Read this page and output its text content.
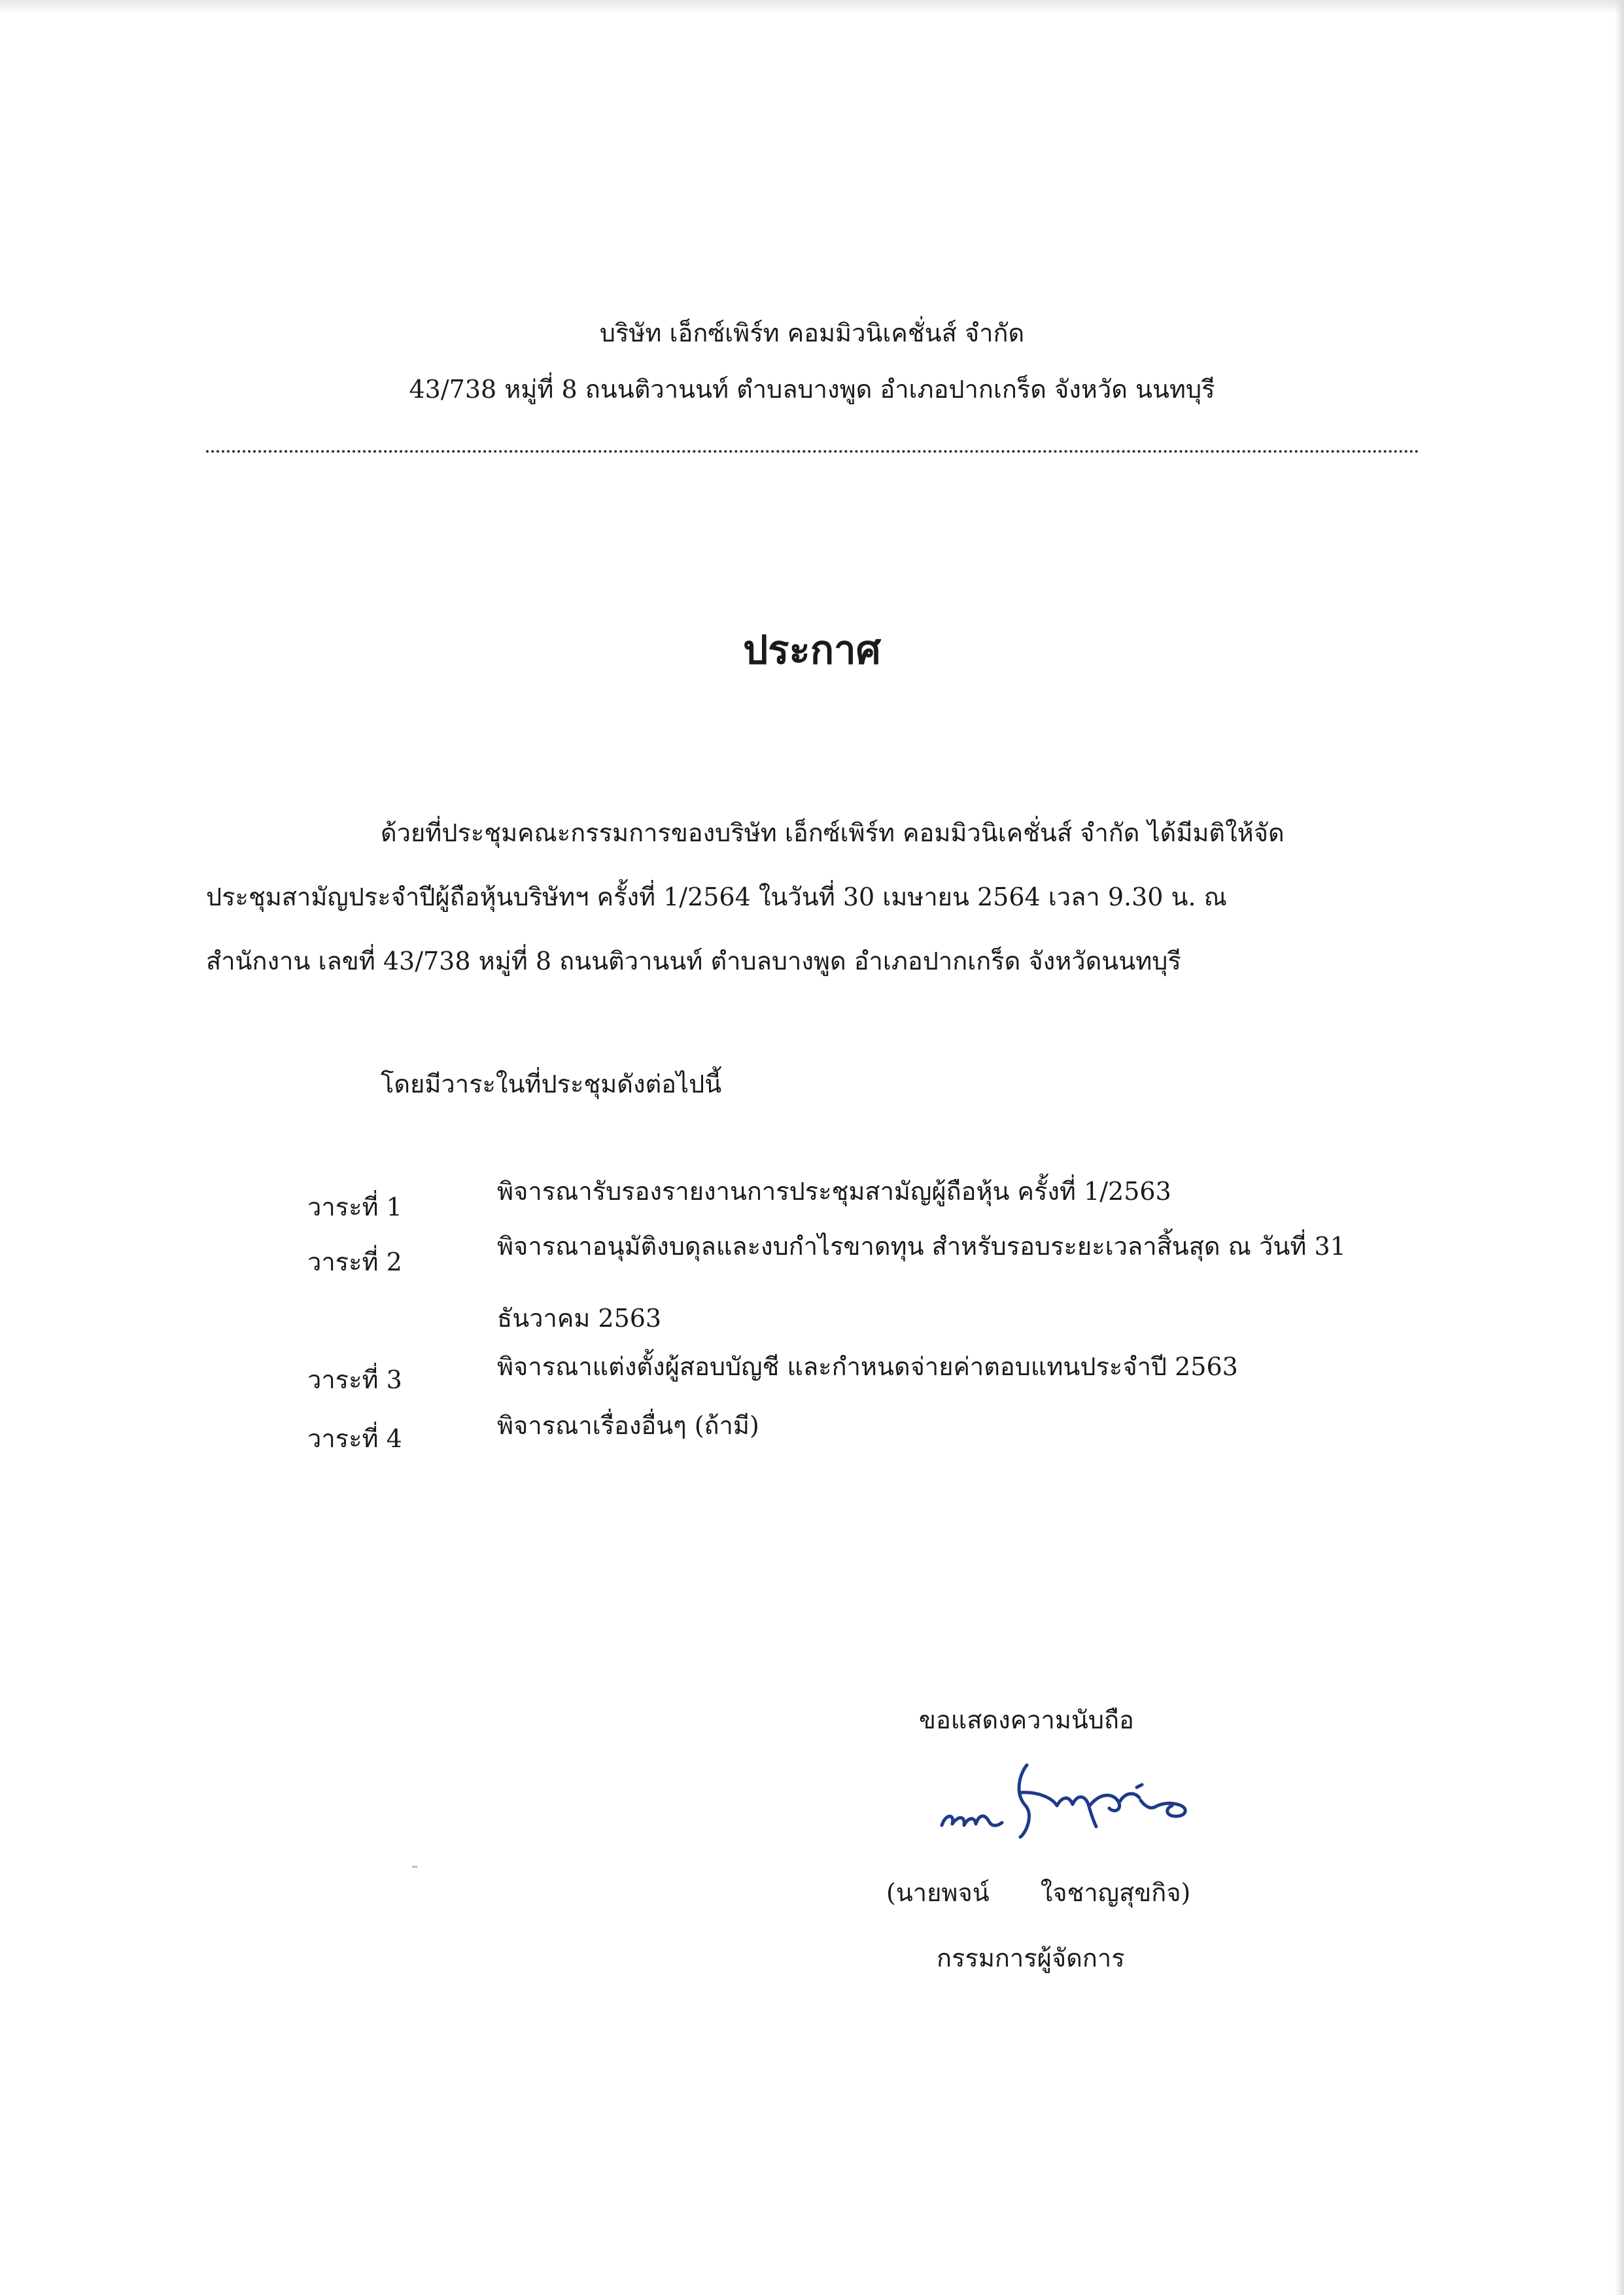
บริษัท เอ็กซ์เพิร์ท คอมมิวนิเคชั่นส์ จำกัด
43/738 หมู่ที่ 8 ถนนติวานนท์ ตำบลบางพูด อำเภอปากเกร็ด จังหวัด นนทบุรี
ประกาศ
ด้วยที่ประชุมคณะกรรมการของบริษัท เอ็กซ์เพิร์ท คอมมิวนิเคชั่นส์ จำกัด ได้มีมติให้จัด
ประชุมสามัญประจำปีผู้ถือหุ้นบริษัทฯ ครั้งที่ 1/2564 ในวันที่ 30 เมษายน 2564 เวลา 9.30 น. ณ
สำนักงาน เลขที่ 43/738 หมู่ที่ 8 ถนนติวานนท์ ตำบลบางพูด อำเภอปากเกร็ด จังหวัดนนทบุรี
โดยมีวาระในที่ประชุมดังต่อไปนี้
วาระที่ 1
พิจารณารับรองรายงานการประชุมสามัญผู้ถือหุ้น ครั้งที่ 1/2563
วาระที่ 2
พิจารณาอนุมัติงบดุลและงบกำไรขาดทุน สำหรับรอบระยะเวลาสิ้นสุด ณ วันที่ 31
ธันวาคม 2563
วาระที่ 3	พิจารณาแต่งตั้งผู้สอบบัญชี และกำหนดจ่ายค่าตอบแทนประจำปี 2563
วาระที่ 4	พิจารณาเรื่องอื่นๆ (ถ้ามี)
ขอแสดงความนับถือ
(นายพจน์ ใจชาญสุขกิจ)
กรรมการผู้จัดการ
